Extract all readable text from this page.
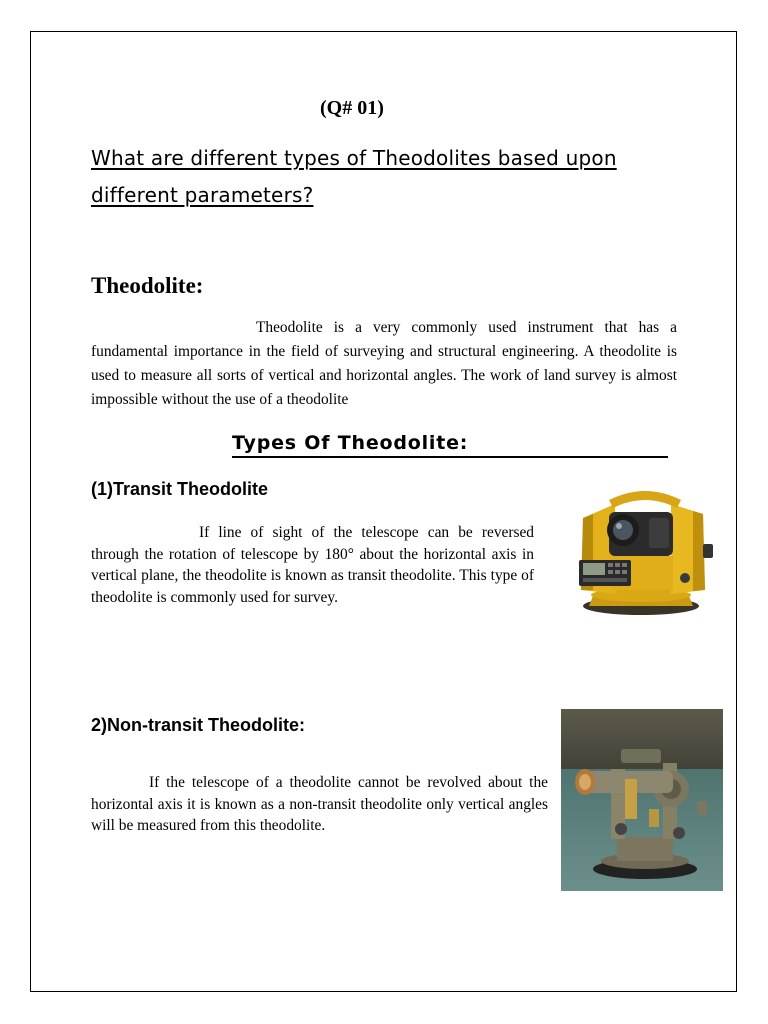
(Q# 01)
What are different types of Theodolites based upon different parameters?
Theodolite:
Theodolite is a very commonly used instrument that has a fundamental importance in the field of surveying and structural engineering. A theodolite is used to measure all sorts of vertical and horizontal angles. The work of land survey is almost impossible without the use of a theodolite
Types Of Theodolite:
(1)Transit Theodolite
If line of sight of the telescope can be reversed through the rotation of telescope by 180° about the horizontal axis in vertical plane, the theodolite is known as transit theodolite. This type of theodolite is commonly used for survey.
2)Non-transit Theodolite:
If the telescope of a theodolite cannot be revolved about the horizontal axis it is known as a non-transit theodolite only vertical angles will be measured from this theodolite.
